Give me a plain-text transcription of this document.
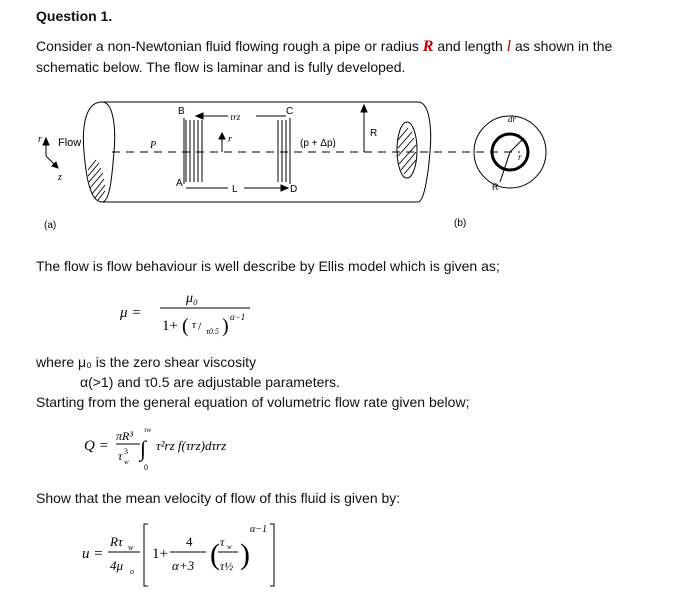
Question 1.
Consider a non-Newtonian fluid flowing rough a pipe or radius R and length l as shown in the schematic below. The flow is laminar and is fully developed.
r
z
Flow
τrz
r
L
B	C
A
D
P	(p + Δp)
R
(a)
r
dr
R
(b)
The flow is flow behaviour is well describe by Ellis model which is given as;
μ =
μ₀
1+ ( τ / τ0.5 ) α−1
where μ₀ is the zero shear viscosity
α(>1) and τ0.5 are adjustable parameters.
Starting from the general equation of volumetric flow rate given below;
Q =
πR³
τ 3
w
τw
∫
0
τ²rz f(τrz)dτrz
Show that the mean velocity of flow of this fluid is given by:
u =
Rτ w
4μ o
1+
4
α+3 ( τ w
τ½ )
α−1
